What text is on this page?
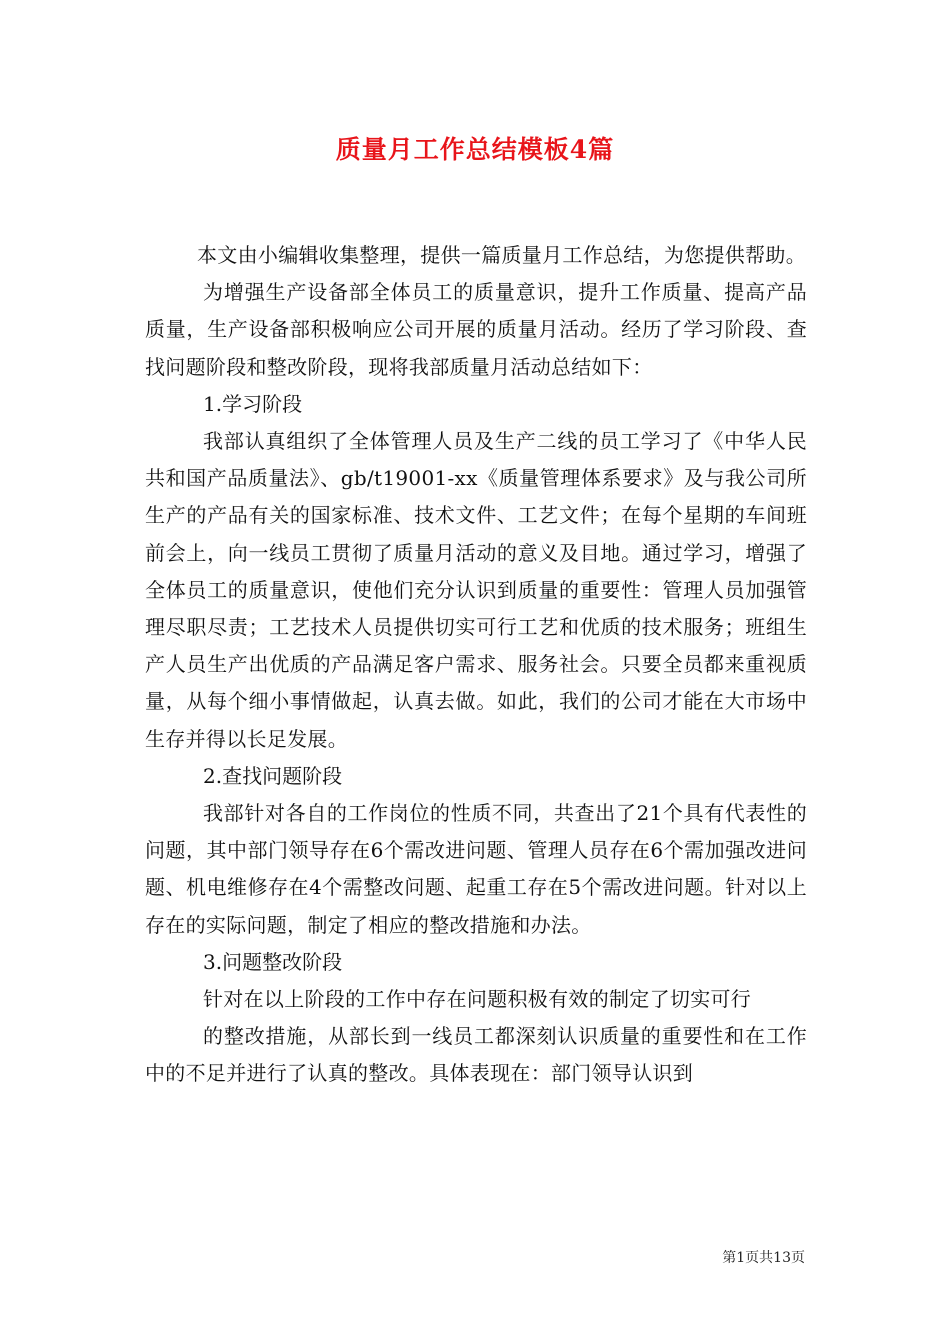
质量月工作总结模板4篇

本文由小编辑收集整理，提供一篇质量月工作总结，为您提供帮助。

为增强生产设备部全体员工的质量意识，提升工作质量、提高产品质量，生产设备部积极响应公司开展的质量月活动。经历了学习阶段、查找问题阶段和整改阶段，现将我部质量月活动总结如下：

1.学习阶段

我部认真组织了全体管理人员及生产二线的员工学习了《中华人民共和国产品质量法》、gb/t19001-xx《质量管理体系要求》及与我公司所生产的产品有关的国家标准、技术文件、工艺文件；在每个星期的车间班前会上，向一线员工贯彻了质量月活动的意义及目地。通过学习，增强了全体员工的质量意识，使他们充分认识到质量的重要性：管理人员加强管理尽职尽责；工艺技术人员提供切实可行工艺和优质的技术服务；班组生产人员生产出优质的产品满足客户需求、服务社会。只要全员都来重视质量，从每个细小事情做起，认真去做。如此，我们的公司才能在大市场中生存并得以长足发展。

2.查找问题阶段

我部针对各自的工作岗位的性质不同，共查出了21个具有代表性的问题，其中部门领导存在6个需改进问题、管理人员存在6个需加强改进问题、机电维修存在4个需整改问题、起重工存在5个需改进问题。针对以上存在的实际问题，制定了相应的整改措施和办法。

3.问题整改阶段

针对在以上阶段的工作中存在问题积极有效的制定了切实可行

的整改措施，从部长到一线员工都深刻认识质量的重要性和在工作中的不足并进行了认真的整改。具体表现在：部门领导认识到

第1页共13页
